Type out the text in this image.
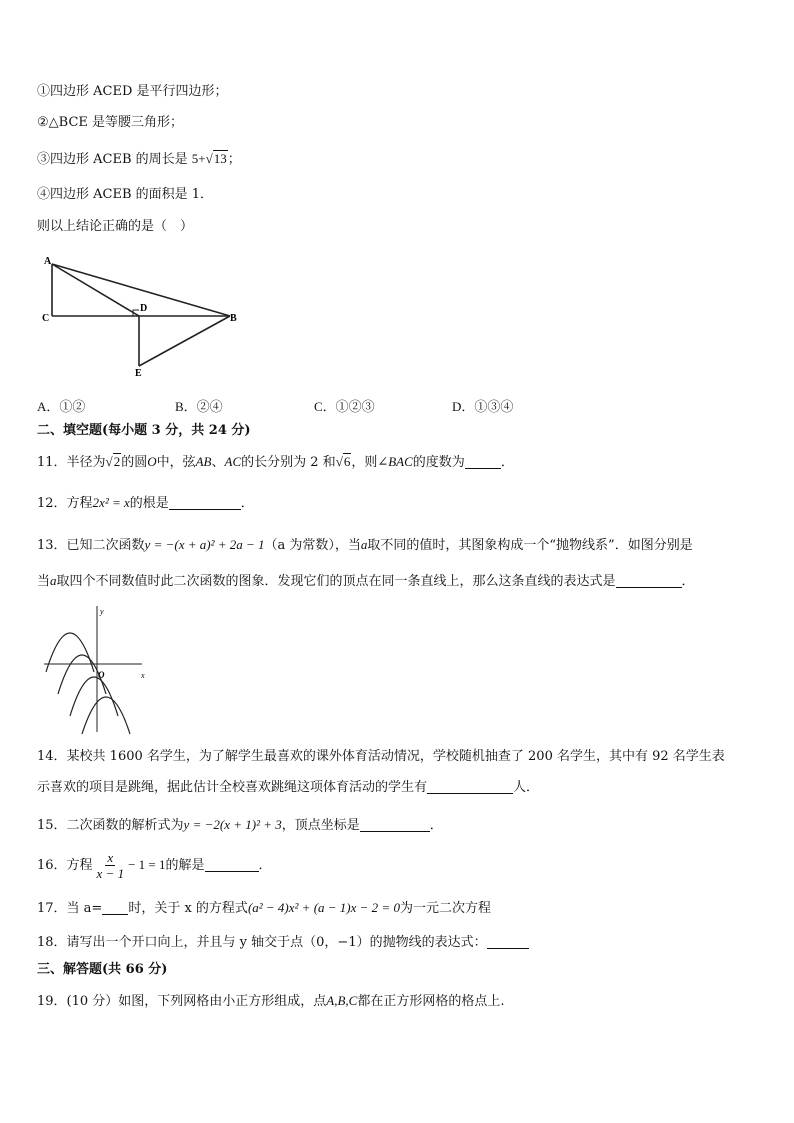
①四边形 ACED 是平行四边形；
②△BCE 是等腰三角形；
③四边形 ACEB 的周长是 5+√13；
④四边形 ACEB 的面积是 1．
则以上结论正确的是（　）
A
C
D
B
E
A．①②	B．②④	C．①②③	D．①③④
二、填空题(每小题 3 分，共 24 分)
11．半径为√2的圆O中，弦AB、AC的长分别为 2 和√6，则∠BAC的度数为	．
12．方程2x² = x的根是	．
13．已知二次函数y = −(x + a)² + 2a − 1（a 为常数），当a取不同的值时，其图象构成一个“抛物线系”．如图分别是
当a取四个不同数值时此二次函数的图象．发现它们的顶点在同一条直线上，那么这条直线的表达式是	．
y
x
O
14．某校共 1600 名学生，为了解学生最喜欢的课外体育活动情况，学校随机抽查了 200 名学生，其中有 92 名学生表
示喜欢的项目是跳绳，据此估计全校喜欢跳绳这项体育活动的学生有	人．
15．二次函数的解析式为y = −2(x + 1)² + 3，顶点坐标是	．
16．方程 $\frac{x}{x - 1} - 1 = 1$的解是	．
17．当 a= 时，关于 x 的方程式(a² − 4)x² + (a − 1)x − 2 = 0为一元二次方程
18．请写出一个开口向上，并且与 y 轴交于点（0，−1）的抛物线的表达式：
三、解答题(共 66 分)
19．(10 分）如图，下列网格由小正方形组成，点A,B,C都在正方形网格的格点上.
